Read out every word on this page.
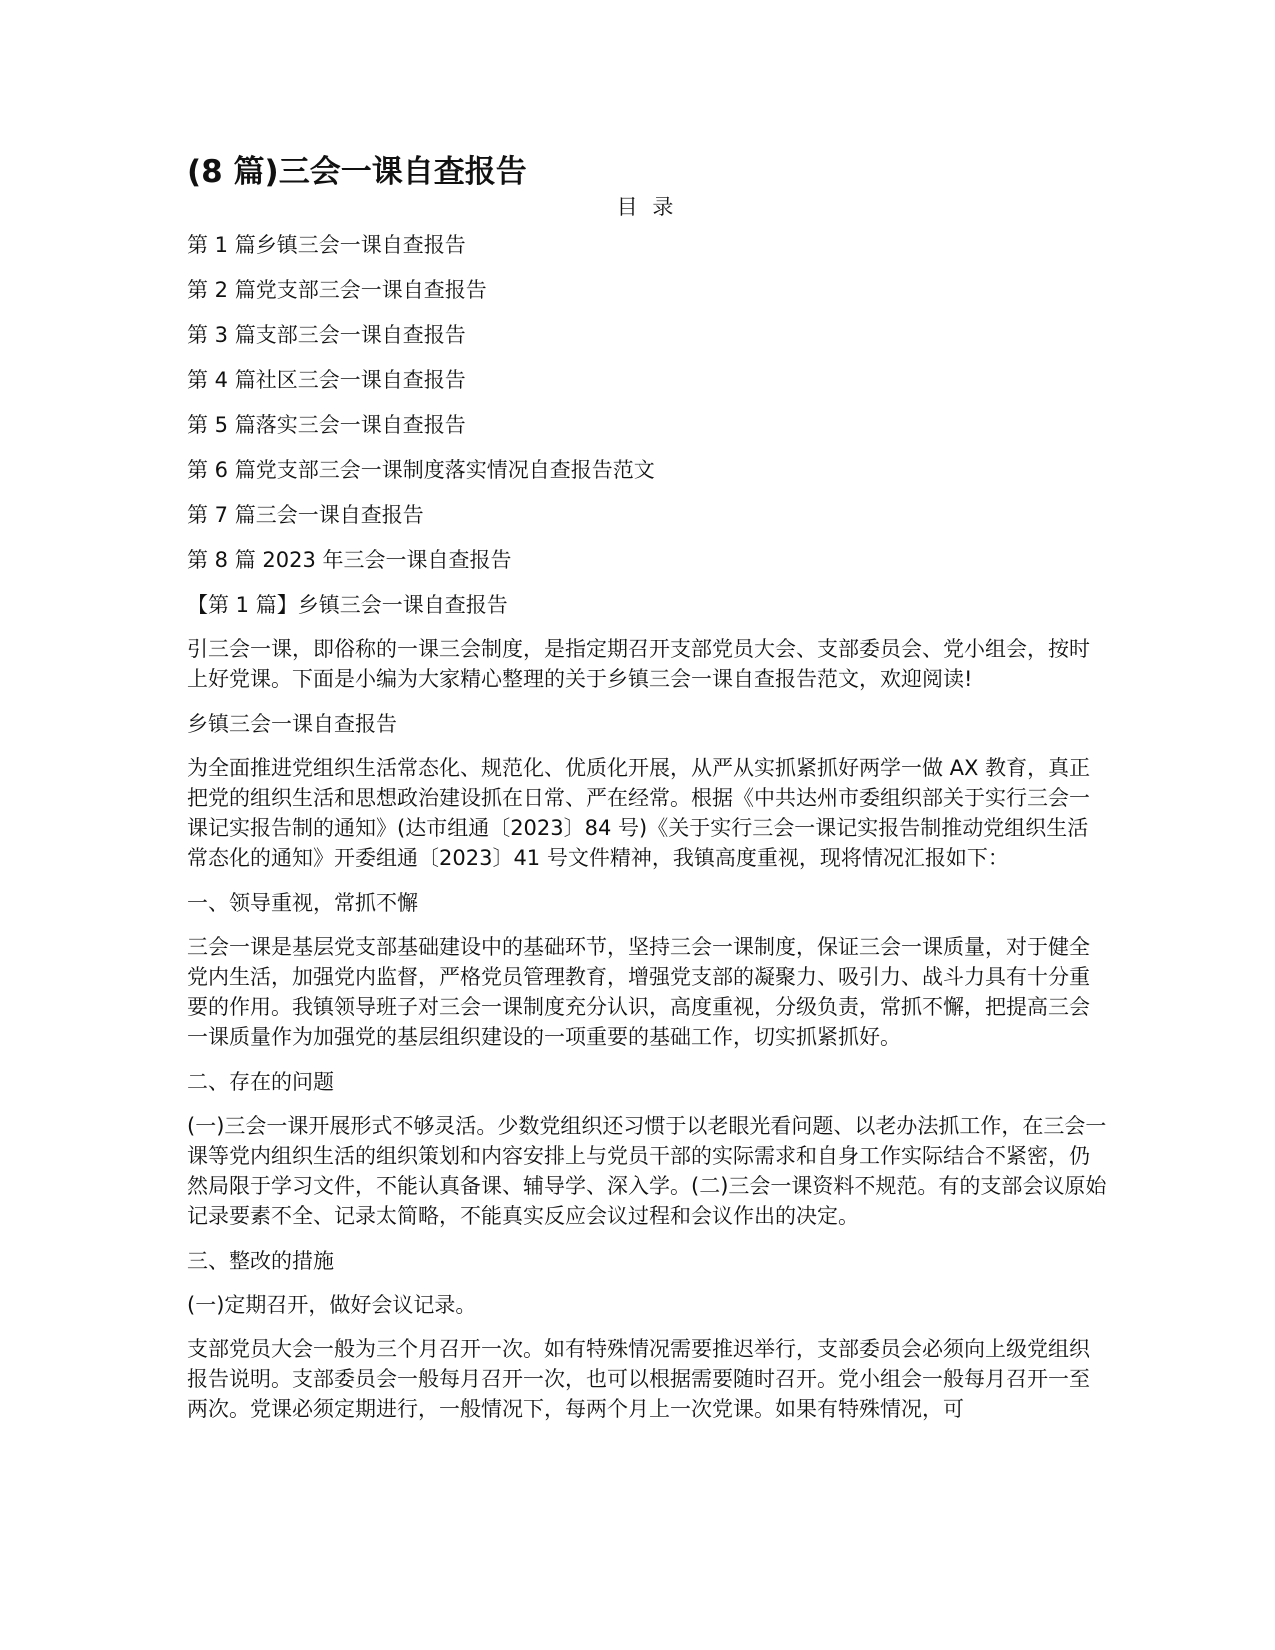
(8 篇)三会一课自查报告
目 录
第 1 篇乡镇三会一课自查报告
第 2 篇党支部三会一课自查报告
第 3 篇支部三会一课自查报告
第 4 篇社区三会一课自查报告
第 5 篇落实三会一课自查报告
第 6 篇党支部三会一课制度落实情况自查报告范文
第 7 篇三会一课自查报告
第 8 篇 2023 年三会一课自查报告

【第 1 篇】乡镇三会一课自查报告

引三会一课，即俗称的一课三会制度，是指定期召开支部党员大会、支部委员会、党小组会，按时上好党课。下面是小编为大家精心整理的关于乡镇三会一课自查报告范文，欢迎阅读!

乡镇三会一课自查报告

为全面推进党组织生活常态化、规范化、优质化开展，从严从实抓紧抓好两学一做 ΑΧ 教育，真正把党的组织生活和思想政治建设抓在日常、严在经常。根据《中共达州市委组织部关于实行三会一课记实报告制的通知》(达市组通〔2023〕84 号)《关于实行三会一课记实报告制推动党组织生活常态化的通知》开委组通〔2023〕41 号文件精神，我镇高度重视，现将情况汇报如下：

一、领导重视，常抓不懈

三会一课是基层党支部基础建设中的基础环节，坚持三会一课制度，保证三会一课质量，对于健全党内生活，加强党内监督，严格党员管理教育，增强党支部的凝聚力、吸引力、战斗力具有十分重要的作用。我镇领导班子对三会一课制度充分认识，高度重视，分级负责，常抓不懈，把提高三会一课质量作为加强党的基层组织建设的一项重要的基础工作，切实抓紧抓好。

二、存在的问题

(一)三会一课开展形式不够灵活。少数党组织还习惯于以老眼光看问题、以老办法抓工作，在三会一课等党内组织生活的组织策划和内容安排上与党员干部的实际需求和自身工作实际结合不紧密，仍然局限于学习文件，不能认真备课、辅导学、深入学。(二)三会一课资料不规范。有的支部会议原始记录要素不全、记录太简略，不能真实反应会议过程和会议作出的决定。

三、整改的措施

(一)定期召开，做好会议记录。

支部党员大会一般为三个月召开一次。如有特殊情况需要推迟举行，支部委员会必须向上级党组织报告说明。支部委员会一般每月召开一次，也可以根据需要随时召开。党小组会一般每月召开一至两次。党课必须定期进行，一般情况下，每两个月上一次党课。如果有特殊情况，可
